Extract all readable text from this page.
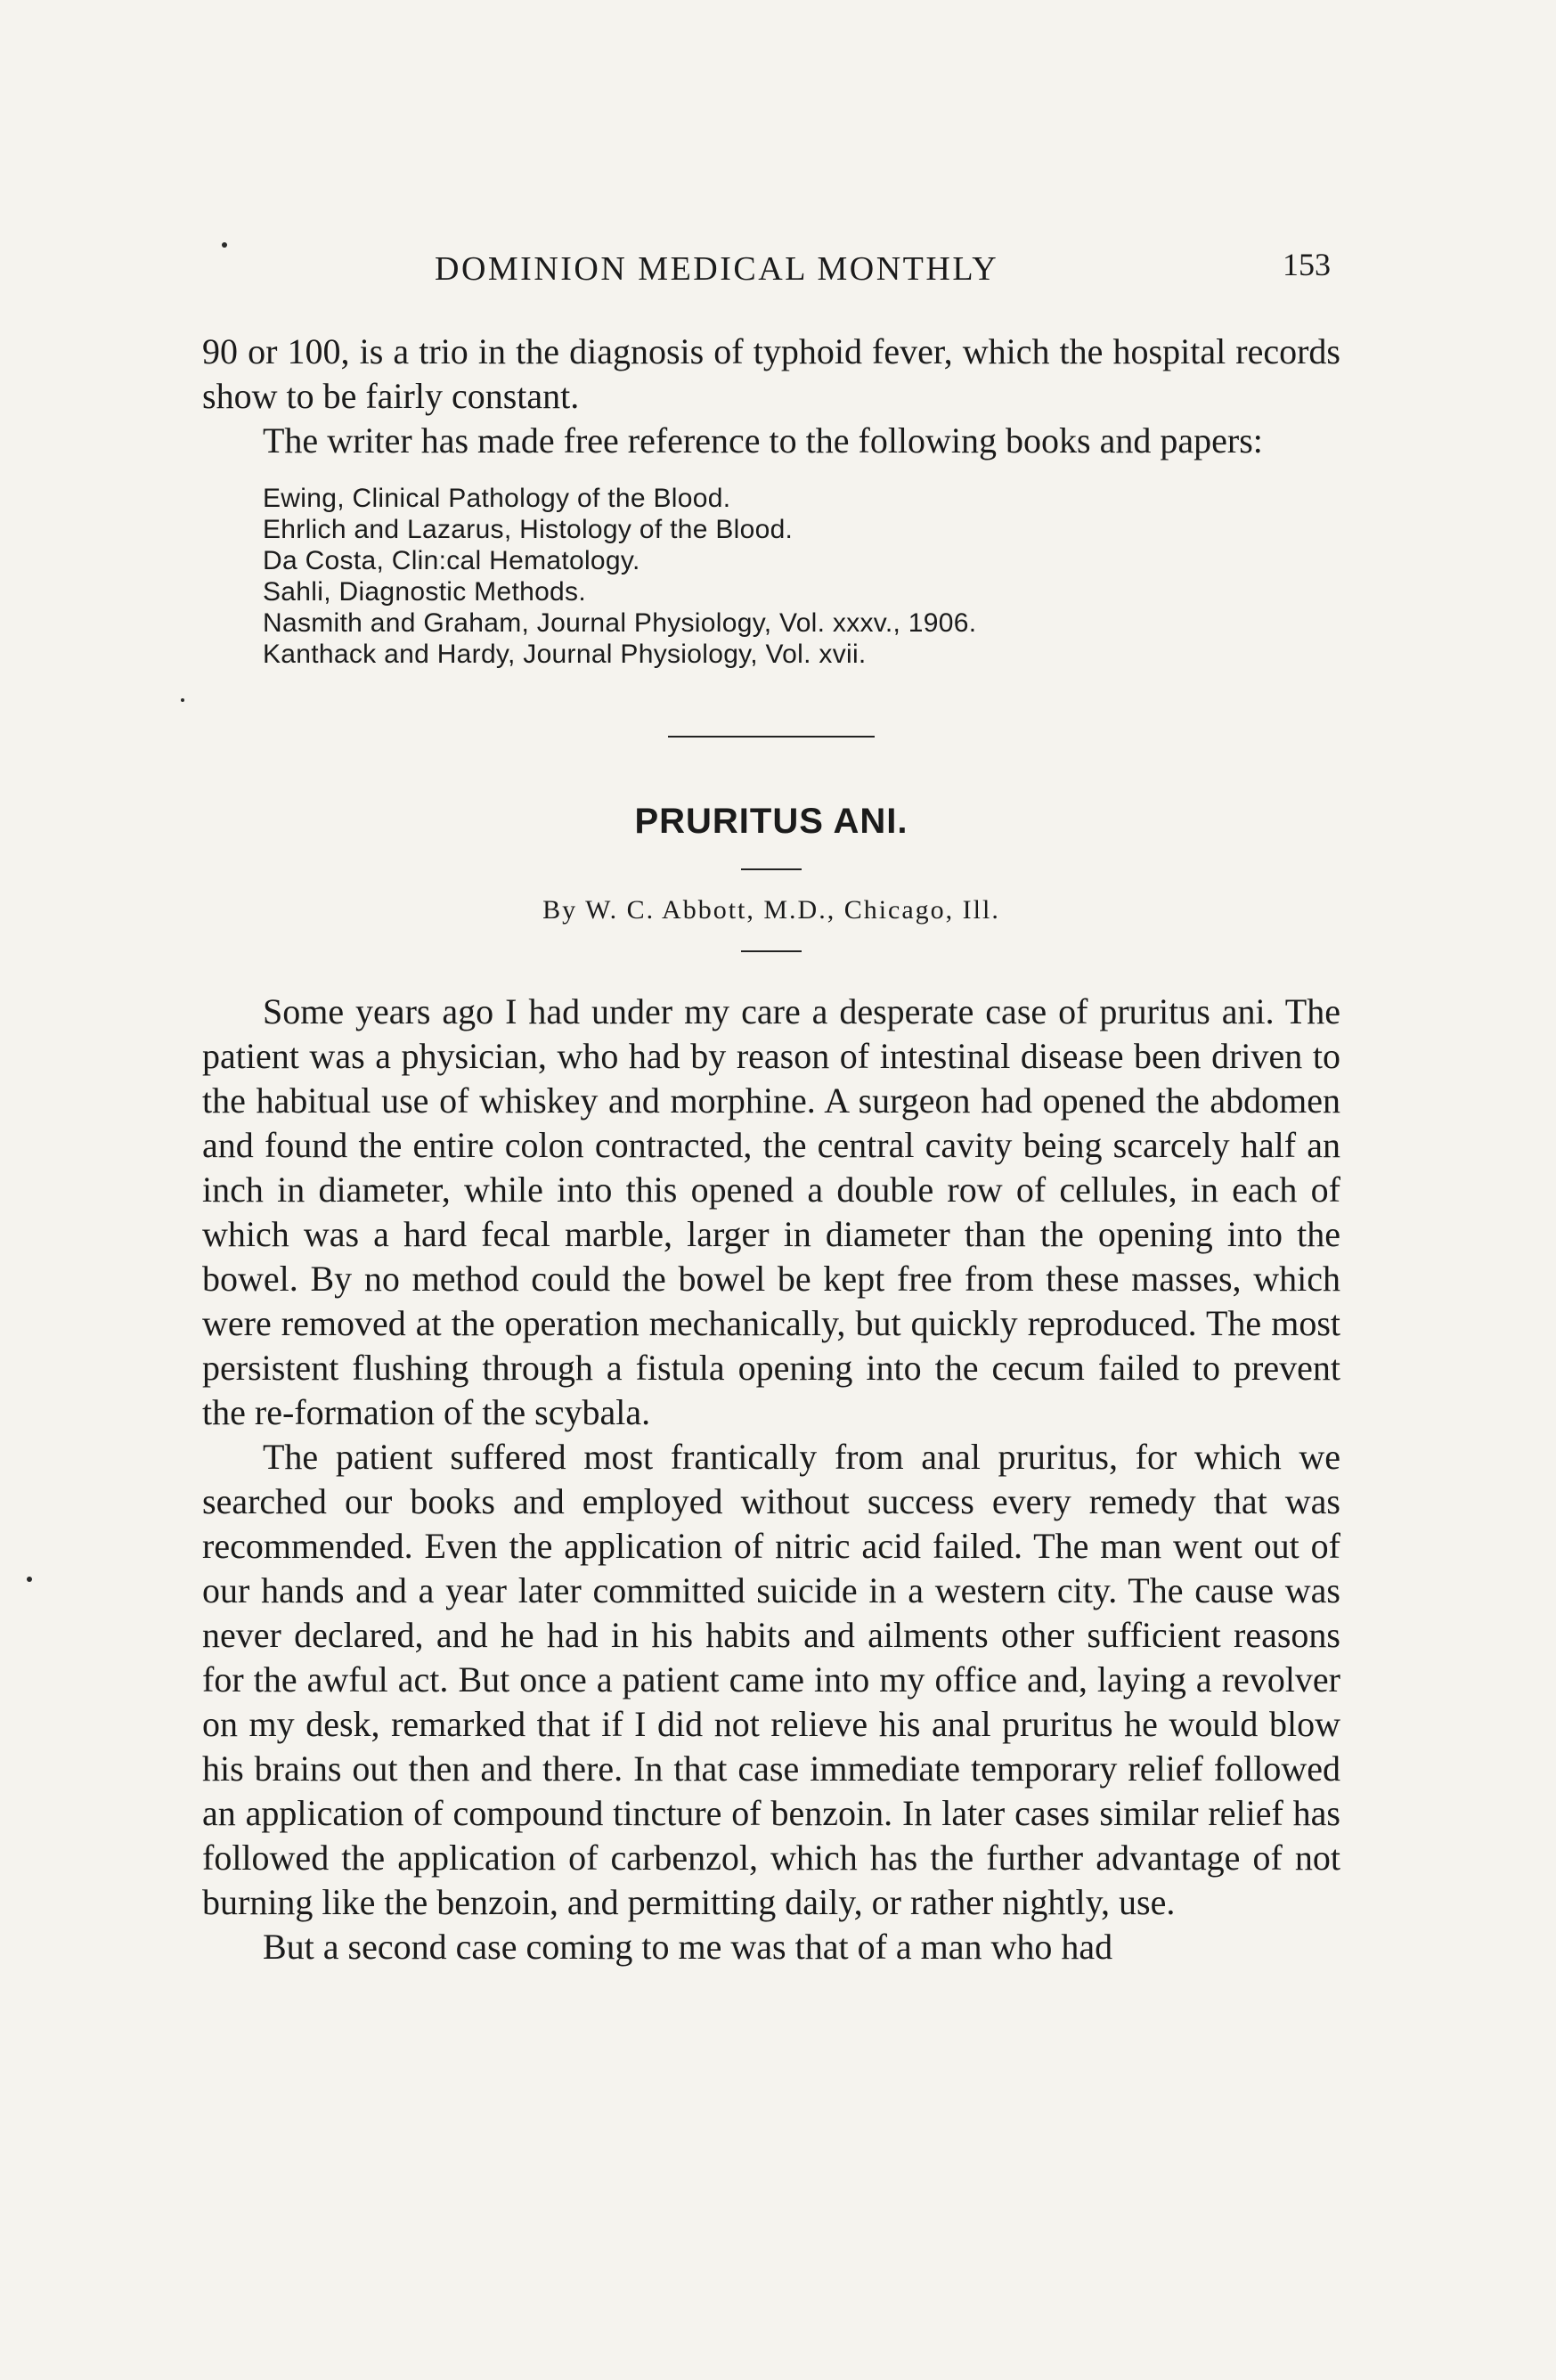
DOMINION MEDICAL MONTHLY	153

90 or 100, is a trio in the diagnosis of typhoid fever, which the hospital records show to be fairly constant.

The writer has made free reference to the following books and papers:

Ewing, Clinical Pathology of the Blood.
Ehrlich and Lazarus, Histology of the Blood.
Da Costa, Clin:cal Hematology.
Sahli, Diagnostic Methods.
Nasmith and Graham, Journal Physiology, Vol. xxxv., 1906.
Kanthack and Hardy, Journal Physiology, Vol. xvii.
PRURITUS ANI.
By W. C. Abbott, M.D., Chicago, Ill.

Some years ago I had under my care a desperate case of pruritus ani. The patient was a physician, who had by reason of intestinal disease been driven to the habitual use of whiskey and morphine. A surgeon had opened the abdomen and found the entire colon contracted, the central cavity being scarcely half an inch in diameter, while into this opened a double row of cellules, in each of which was a hard fecal marble, larger in diameter than the opening into the bowel. By no method could the bowel be kept free from these masses, which were removed at the operation mechanically, but quickly reproduced. The most persistent flushing through a fistula opening into the cecum failed to prevent the re-formation of the scybala.

The patient suffered most frantically from anal pruritus, for which we searched our books and employed without success every remedy that was recommended. Even the application of nitric acid failed. The man went out of our hands and a year later committed suicide in a western city. The cause was never declared, and he had in his habits and ailments other sufficient reasons for the awful act. But once a patient came into my office and, laying a revolver on my desk, remarked that if I did not relieve his anal pruritus he would blow his brains out then and there. In that case immediate temporary relief followed an application of compound tincture of benzoin. In later cases similar relief has followed the application of carbenzol, which has the further advantage of not burning like the benzoin, and permitting daily, or rather nightly, use.

But a second case coming to me was that of a man who had
